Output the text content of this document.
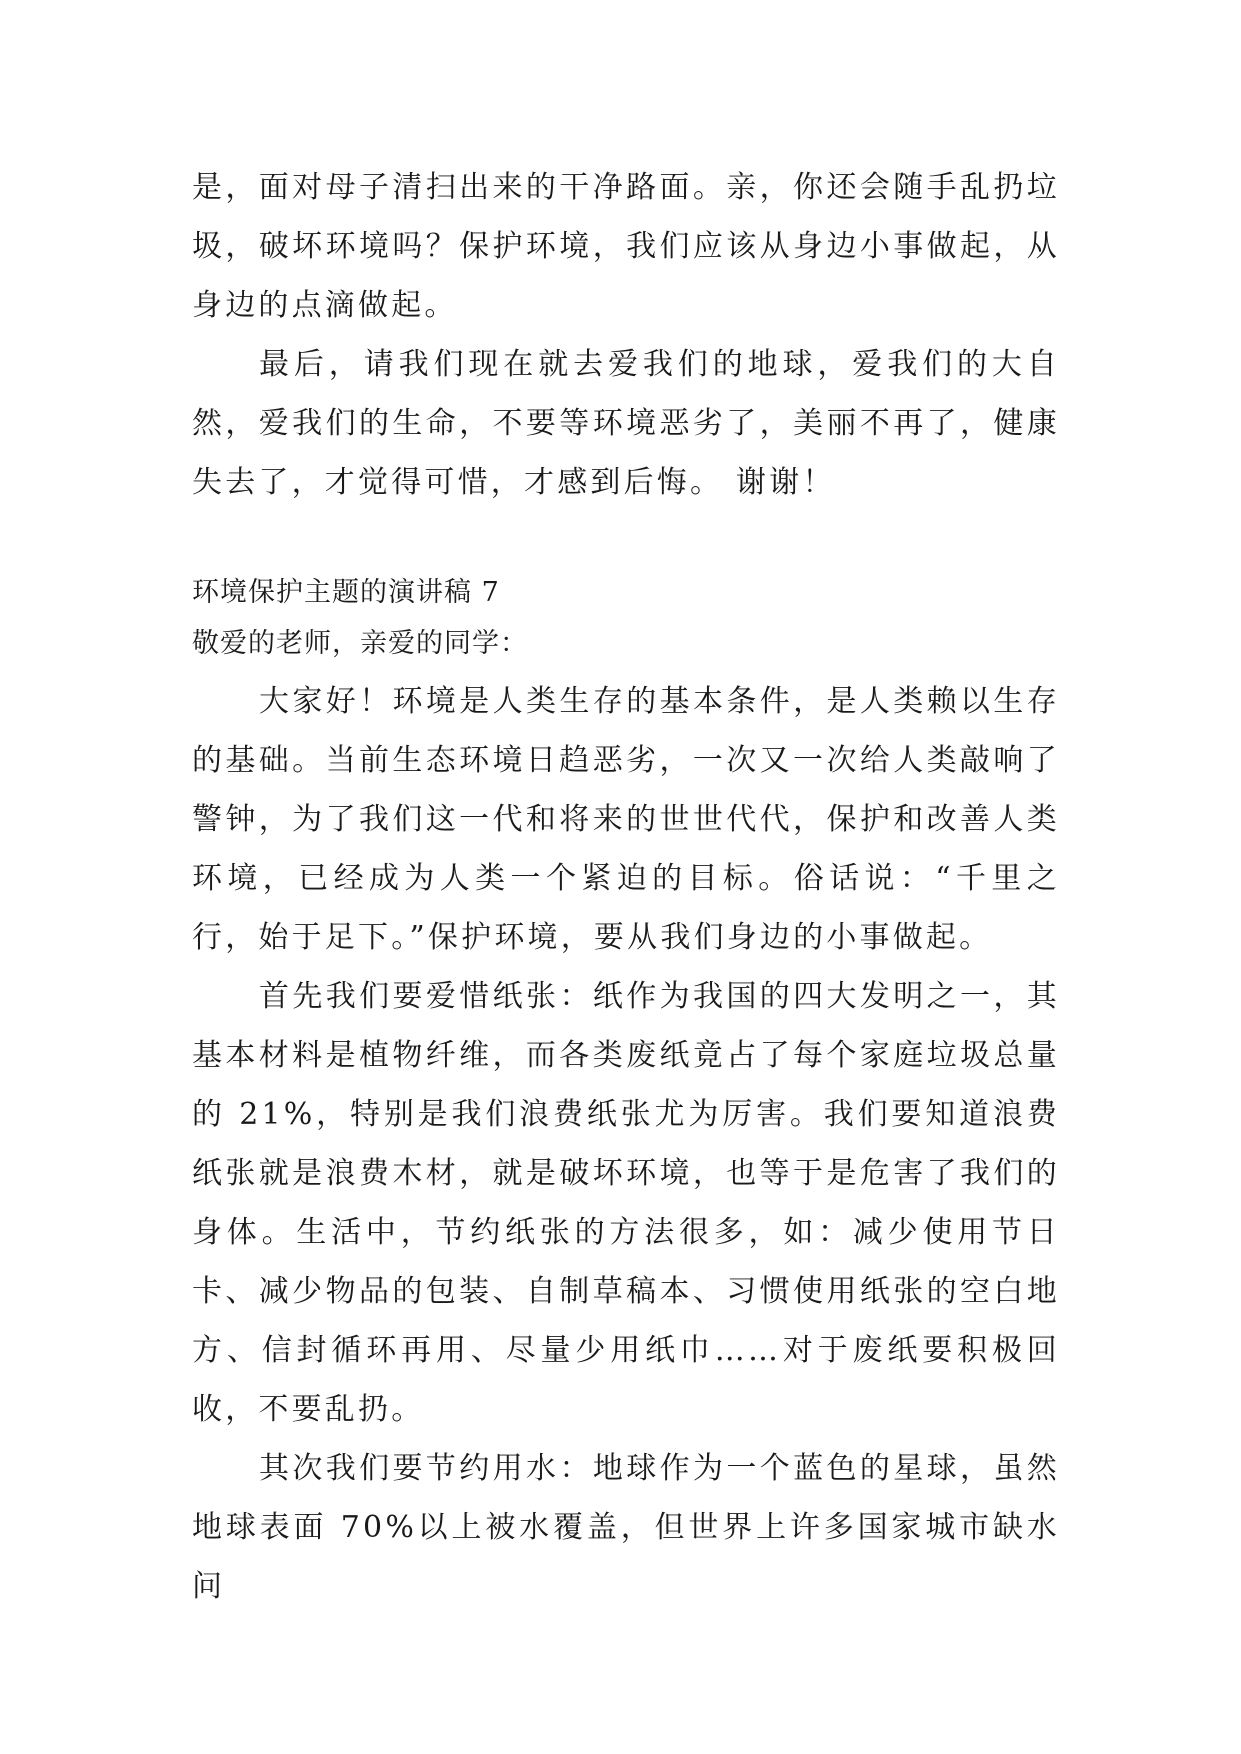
是，面对母子清扫出来的干净路面。亲，你还会随手乱扔垃圾，破坏环境吗？保护环境，我们应该从身边小事做起，从身边的点滴做起。

最后，请我们现在就去爱我们的地球，爱我们的大自然，爱我们的生命，不要等环境恶劣了，美丽不再了，健康失去了，才觉得可惜，才感到后悔。 谢谢！

环境保护主题的演讲稿 7

敬爱的老师，亲爱的同学：

大家好！环境是人类生存的基本条件，是人类赖以生存的基础。当前生态环境日趋恶劣，一次又一次给人类敲响了警钟，为了我们这一代和将来的世世代代，保护和改善人类环境，已经成为人类一个紧迫的目标。俗话说：“千里之行，始于足下。”保护环境，要从我们身边的小事做起。

首先我们要爱惜纸张：纸作为我国的四大发明之一，其基本材料是植物纤维，而各类废纸竟占了每个家庭垃圾总量的 21%，特别是我们浪费纸张尤为厉害。我们要知道浪费纸张就是浪费木材，就是破坏环境，也等于是危害了我们的身体。生活中，节约纸张的方法很多，如：减少使用节日卡、减少物品的包装、自制草稿本、习惯使用纸张的空白地方、信封循环再用、尽量少用纸巾……对于废纸要积极回收，不要乱扔。

其次我们要节约用水：地球作为一个蓝色的星球，虽然地球表面 70%以上被水覆盖，但世界上许多国家城市缺水问
